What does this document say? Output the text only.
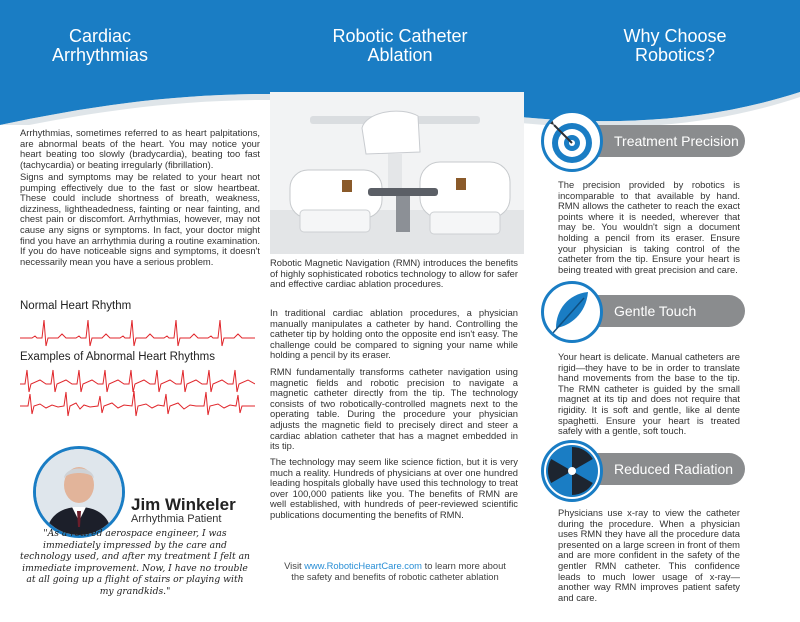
Cardiac
Arrhythmias
Robotic Catheter
Ablation
Why Choose
Robotics?

Arrhythmias, sometimes referred to as heart palpitations, are abnormal beats of the heart. You may notice your heart beating too slowly (bradycardia), beating too fast (tachycardia) or beating irregularly (fibrillation).

Signs and symptoms may be related to your heart not pumping effectively due to the fast or slow heartbeat. These could include shortness of breath, weakness, dizziness, lightheadedness, fainting or near fainting, and chest pain or discomfort. Arrhythmias, however, may not cause any signs or symptoms. In fact, your doctor might find you have an arrhythmia during a routine examination. If you do have noticeable signs and symptoms, it doesn't necessarily mean you have a serious problem.

Normal Heart Rhythm
Examples of Abnormal Heart Rhythms
Jim Winkeler
Arrhythmia Patient

"As a retired aerospace engineer, I was immediately impressed by the care and technology used, and after my treatment I felt an immediate improvement. Now, I have no trouble at all going up a flight of stairs or playing with my grandkids."

Robotic Magnetic Navigation (RMN) introduces the benefits of highly sophisticated robotics technology to allow for safer and effective cardiac ablation procedures.

In traditional cardiac ablation procedures, a physician manually manipulates a catheter by hand. Controlling the catheter tip by holding onto the opposite end isn't easy. The challenge could be compared to signing your name while holding a pencil by its eraser.

RMN fundamentally transforms catheter navigation using magnetic fields and robotic precision to navigate a magnetic catheter directly from the tip. The technology consists of two robotically-controlled magnets next to the operating table. During the procedure your physician adjusts the magnetic field to precisely direct and steer a cardiac ablation catheter that has a magnet embedded in its tip.

The technology may seem like science fiction, but it is very much a reality. Hundreds of physicians at over one hundred leading hospitals globally have used this technology to treat over 100,000 patients like you. The benefits of RMN are well established, with hundreds of peer-reviewed scientific publications documenting the benefits of RMN.

Visit www.RoboticHeartCare.com to learn more about the safety and benefits of robotic catheter ablation

Treatment Precision

The precision provided by robotics is incomparable to that available by hand. RMN allows the catheter to reach the exact points where it is needed, wherever that may be. You wouldn't sign a document holding a pencil from its eraser. Ensure your physician is taking control of the catheter from the tip. Ensure your heart is being treated with great precision and care.

Gentle Touch

Your heart is delicate. Manual catheters are rigid—they have to be in order to translate hand movements from the base to the tip. The RMN catheter is guided by the small magnet at its tip and does not require that rigidity. It is soft and gentle, like al dente spaghetti. Ensure your heart is treated safely with a gentle, soft touch.

Reduced Radiation

Physicians use x-ray to view the catheter during the procedure. When a physician uses RMN they have all the procedure data presented on a large screen in front of them and are more confident in the safety of the gentler RMN catheter. This confidence leads to much lower usage of x-ray—another way RMN improves patient safety and care.
